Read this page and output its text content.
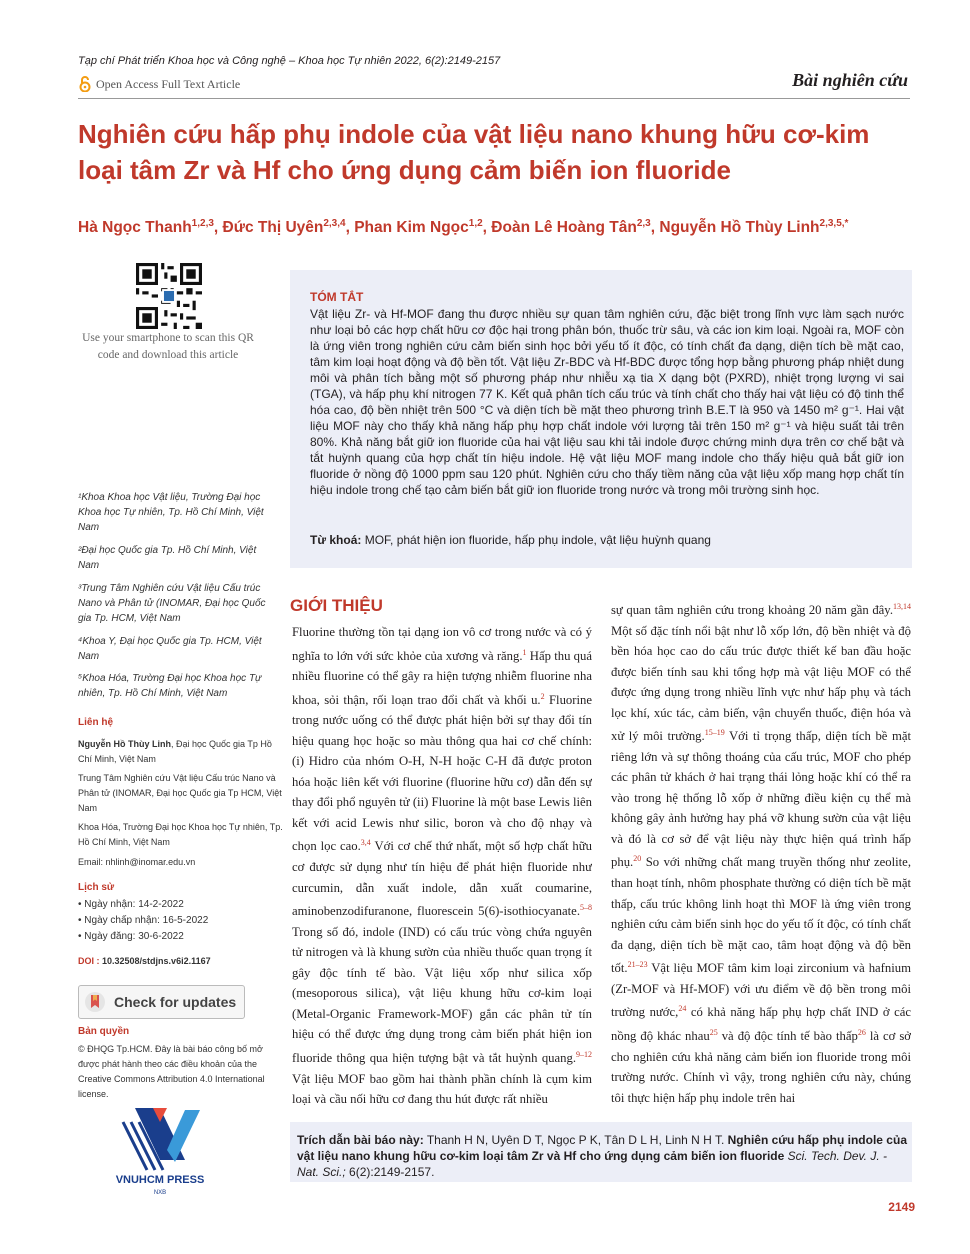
Tạp chí Phát triển Khoa học và Công nghệ – Khoa học Tự nhiên 2022, 6(2):2149-2157
Open Access Full Text Article	Bài nghiên cứu
Nghiên cứu hấp phụ indole của vật liệu nano khung hữu cơ-kim loại tâm Zr và Hf cho ứng dụng cảm biến ion fluoride
Hà Ngọc Thanh$^{1,2,3}$, Đức Thị Uyên$^{2,3,4}$, Phan Kim Ngọc$^{1,2}$, Đoàn Lê Hoàng Tân$^{2,3}$, Nguyễn Hồ Thùy Linh$^{2,3,5,*}$
Use your smartphone to scan this QR code and download this article
TÓM TẮT
Vật liệu Zr- và Hf-MOF đang thu được nhiều sự quan tâm nghiên cứu, đặc biệt trong lĩnh vực làm sạch nước như loại bỏ các hợp chất hữu cơ độc hại trong phân bón, thuốc trừ sâu, và các ion kim loại. Ngoài ra, MOF còn là ứng viên trong nghiên cứu cảm biến sinh học bởi yếu tố ít độc, có tính chất đa dạng, diện tích bề mặt cao, tâm kim loại hoạt động và độ bền tốt. Vật liệu Zr-BDC và Hf-BDC được tổng hợp bằng phương pháp nhiệt dung môi và phân tích bằng một số phương pháp như nhiễu xạ tia X dạng bột (PXRD), nhiệt trọng lượng vi sai (TGA), và hấp phụ khí nitrogen 77 K. Kết quả phân tích cấu trúc và tính chất cho thấy hai vật liệu có độ tinh thể hóa cao, độ bền nhiệt trên 500 °C và diện tích bề mặt theo phương trình B.E.T là 950 và 1450 m² g⁻¹. Hai vật liệu MOF này cho thấy khả năng hấp phụ hợp chất indole với lượng tải trên 150 m² g⁻¹ và hiệu suất tải trên 80%. Khả năng bắt giữ ion fluoride của hai vật liệu sau khi tải indole được chứng minh dựa trên cơ chế bật và tắt huỳnh quang của hợp chất tín hiệu indole. Hệ vật liệu MOF mang indole cho thấy hiệu quả bắt giữ ion fluoride ở nồng độ 1000 ppm sau 120 phút. Nghiên cứu cho thấy tiềm năng của vật liệu xốp mang hợp chất tín hiệu indole trong chế tạo cảm biến bắt giữ ion fluoride trong nước và trong môi trường sinh học.
Từ khoá: MOF, phát hiện ion fluoride, hấp phụ indole, vật liệu huỳnh quang
¹Khoa Khoa học Vật liệu, Trường Đại học Khoa học Tự nhiên, Tp. Hồ Chí Minh, Việt Nam
²Đại học Quốc gia Tp. Hồ Chí Minh, Việt Nam
³Trung Tâm Nghiên cứu Vật liệu Cấu trúc Nano và Phân tử (INOMAR, Đại học Quốc gia Tp. HCM, Việt Nam
⁴Khoa Y, Đại học Quốc gia Tp. HCM, Việt Nam
⁵Khoa Hóa, Trường Đại học Khoa học Tự nhiên, Tp. Hồ Chí Minh, Việt Nam
Liên hệ
Nguyễn Hồ Thùy Linh, Đại học Quốc gia Tp Hồ Chí Minh, Việt Nam
Trung Tâm Nghiên cứu Vật liệu Cấu trúc Nano và Phân tử (INOMAR, Đại học Quốc gia Tp HCM, Việt Nam
Khoa Hóa, Trường Đại học Khoa học Tự nhiên, Tp. Hồ Chí Minh, Việt Nam
Email: nhlinh@inomar.edu.vn
Lịch sử
• Ngày nhận: 14-2-2022
• Ngày chấp nhận: 16-5-2022
• Ngày đăng: 30-6-2022
DOI : 10.32508/stdjns.v6i2.1167
Check for updates
Bản quyền
© ĐHQG Tp.HCM. Đây là bài báo công bố mở được phát hành theo các điều khoản của the Creative Commons Attribution 4.0 International license.
VNUHCM PRESS
NXB
GIỚI THIỆU
Fluorine thường tồn tại dạng ion vô cơ trong nước và có ý nghĩa to lớn với sức khỏe của xương và răng.$^1$ Hấp thu quá nhiều fluorine có thể gây ra hiện tượng nhiễm fluorine nha khoa, sỏi thận, rối loạn trao đổi chất và khối u.$^2$ Fluorine trong nước uống có thể được phát hiện bởi sự thay đổi tín hiệu quang học hoặc so màu thông qua hai cơ chế chính: (i) Hidro của nhóm O-H, N-H hoặc C-H đã được proton hóa hoặc liên kết với fluorine (fluorine hữu cơ) dẫn đến sự thay đổi phổ nguyên tử (ii) Fluorine là một base Lewis liên kết với acid Lewis như silic, boron và cho độ nhạy và chọn lọc cao.$^{3,4}$ Với cơ chế thứ nhất, một số hợp chất hữu cơ được sử dụng như tín hiệu để phát hiện fluoride như curcumin, dẫn xuất indole, dẫn xuất coumarine, aminobenzodifuranone, fluorescein 5(6)-isothiocyanate.$^{5-8}$ Trong số đó, indole (IND) có cấu trúc vòng chứa nguyên tử nitrogen và là khung sườn của nhiều thuốc quan trọng ít gây độc tính tế bào. Vật liệu xốp như silica xốp (mesoporous silica), vật liệu khung hữu cơ-kim loại (Metal-Organic Framework-MOF) gắn các phân tử tín hiệu có thể được ứng dụng trong cảm biến phát hiện ion fluoride thông qua hiện tượng bật và tắt huỳnh quang.$^{9-12}$ Vật liệu MOF bao gồm hai thành phần chính là cụm kim loại và cầu nối hữu cơ đang thu hút được rất nhiều
sự quan tâm nghiên cứu trong khoảng 20 năm gần đây.$^{13,14}$ Một số đặc tính nổi bật như lỗ xốp lớn, độ bền nhiệt và độ bền hóa học cao do cấu trúc được thiết kế ban đầu hoặc được biến tính sau khi tổng hợp mà vật liệu MOF có thể được ứng dụng trong nhiều lĩnh vực như hấp phụ và tách lọc khí, xúc tác, cảm biến, vận chuyển thuốc, điện hóa và xử lý môi trường.$^{15-19}$ Với tỉ trọng thấp, diện tích bề mặt riêng lớn và sự thông thoáng của cấu trúc, MOF cho phép các phân tử khách ở hai trạng thái lỏng hoặc khí có thể ra vào trong hệ thống lỗ xốp ở những điều kiện cụ thể mà không gây ảnh hưởng hay phá vỡ khung sườn của vật liệu và đó là cơ sở để vật liệu này thực hiện quá trình hấp phụ.$^{20}$ So với những chất mang truyền thống như zeolite, than hoạt tính, nhôm phosphate thường có diện tích bề mặt thấp, cấu trúc không linh hoạt thì MOF là ứng viên trong nghiên cứu cảm biến sinh học do yếu tố ít độc, có tính chất đa dạng, diện tích bề mặt cao, tâm hoạt động và độ bền tốt.$^{21-23}$ Vật liệu MOF tâm kim loại zirconium và hafnium (Zr-MOF và Hf-MOF) với ưu điểm về độ bền trong môi trường nước,$^{24}$ có khả năng hấp phụ hợp chất IND ở các nồng độ khác nhau$^{25}$ và độ độc tính tế bào thấp$^{26}$ là cơ sở cho nghiên cứu khả năng cảm biến ion fluoride trong môi trường nước. Chính vì vậy, trong nghiên cứu này, chúng tôi thực hiện hấp phụ indole trên hai
Trích dẫn bài báo này: Thanh H N, Uyên D T, Ngọc P K, Tân D L H, Linh N H T. Nghiên cứu hấp phụ indole của vật liệu nano khung hữu cơ-kim loại tâm Zr và Hf cho ứng dụng cảm biến ion fluoride Sci. Tech. Dev. J. - Nat. Sci.; 6(2):2149-2157.
2149
